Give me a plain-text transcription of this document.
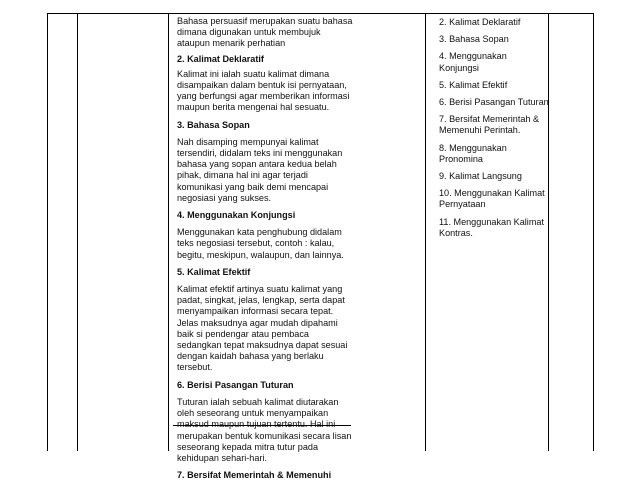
Bahasa persuasif merupakan suatu bahasa dimana digunakan untuk membujuk ataupun menarik perhatian

2. Kalimat Deklaratif

Kalimat ini ialah suatu kalimat dimana disampaikan dalam bentuk isi pernyataan, yang berfungsi agar memberikan informasi maupun berita mengenai hal sesuatu.

3. Bahasa Sopan

Nah disamping mempunyai kalimat tersendiri, didalam teks ini menggunakan bahasa yang sopan antara kedua belah pihak, dimana hal ini agar terjadi komunikasi yang baik demi mencapai negosiasi yang sukses.

4. Menggunakan Konjungsi

Menggunakan kata penghubung didalam teks negosiasi tersebut, contoh : kalau, begitu, meskipun, walaupun, dan lainnya.

5. Kalimat Efektif

Kalimat efektif artinya suatu kalimat yang padat, singkat, jelas, lengkap, serta dapat menyampaikan informasi secara tepat. Jelas maksudnya agar mudah dipahami baik si pendengar atau pembaca sedangkan tepat maksudnya dapat sesuai dengan kaidah bahasa yang berlaku tersebut.

6. Berisi Pasangan Tuturan

Tuturan ialah sebuah kalimat diutarakan oleh seseorang untuk menyampaikan maksud maupun tujuan tertentu. Hal ini merupakan bentuk komunikasi secara lisan seseorang kepada mitra tutur pada kehidupan sehari-hari.

7. Bersifat Memerintah & Memenuhi

2. Kalimat Deklaratif

3. Bahasa Sopan

4. Menggunakan Konjungsi

5. Kalimat Efektif

6. Berisi Pasangan Tuturan

7. Bersifat Memerintah & Memenuhi Perintah.

8. Menggunakan Pronomina

9. Kalimat Langsung

10. Menggunakan Kalimat Pernyataan

11. Menggunakan Kalimat Kontras.
